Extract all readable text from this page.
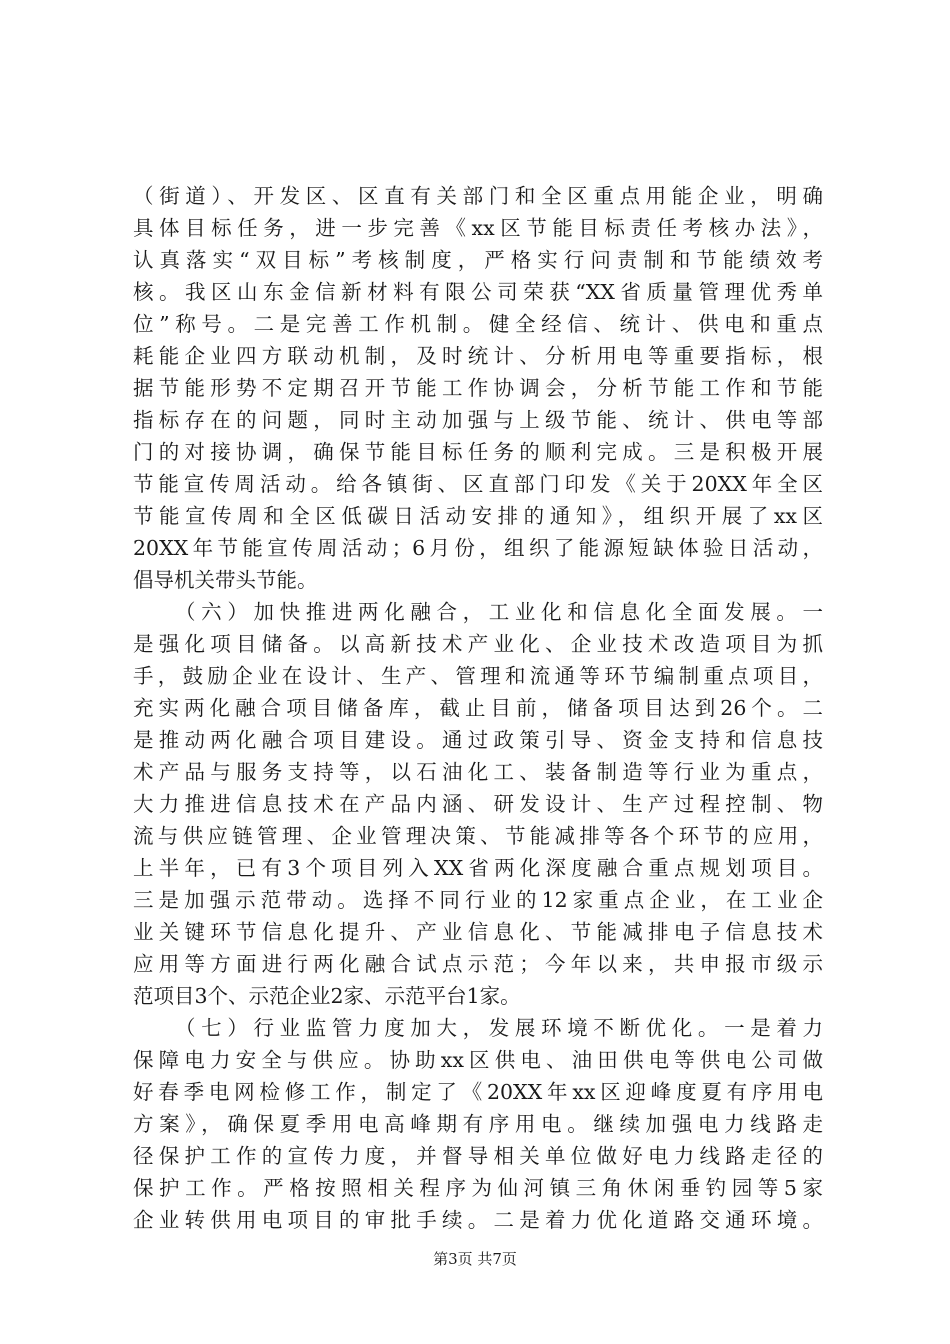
（街道）、开发区、区直有关部门和全区重点用能企业，明确
具体目标任务，进一步完善《xx区节能目标责任考核办法》，
认真落实“双目标”考核制度，严格实行问责制和节能绩效考
核。我区山东金信新材料有限公司荣获“XX省质量管理优秀单
位”称号。二是完善工作机制。健全经信、统计、供电和重点
耗能企业四方联动机制，及时统计、分析用电等重要指标，根
据节能形势不定期召开节能工作协调会，分析节能工作和节能
指标存在的问题，同时主动加强与上级节能、统计、供电等部
门的对接协调，确保节能目标任务的顺利完成。三是积极开展
节能宣传周活动。给各镇街、区直部门印发《关于20XX年全区
节能宣传周和全区低碳日活动安排的通知》，组织开展了xx区
20XX年节能宣传周活动；6月份，组织了能源短缺体验日活动，
倡导机关带头节能。
　　（六）加快推进两化融合，工业化和信息化全面发展。一
是强化项目储备。以高新技术产业化、企业技术改造项目为抓
手，鼓励企业在设计、生产、管理和流通等环节编制重点项目，
充实两化融合项目储备库，截止目前，储备项目达到26个。二
是推动两化融合项目建设。通过政策引导、资金支持和信息技
术产品与服务支持等，以石油化工、装备制造等行业为重点，
大力推进信息技术在产品内涵、研发设计、生产过程控制、物
流与供应链管理、企业管理决策、节能减排等各个环节的应用，
上半年，已有3个项目列入XX省两化深度融合重点规划项目。
三是加强示范带动。选择不同行业的12家重点企业，在工业企
业关键环节信息化提升、产业信息化、节能减排电子信息技术
应用等方面进行两化融合试点示范；今年以来，共申报市级示
范项目3个、示范企业2家、示范平台1家。
　　（七）行业监管力度加大，发展环境不断优化。一是着力
保障电力安全与供应。协助xx区供电、油田供电等供电公司做
好春季电网检修工作，制定了《20XX年xx区迎峰度夏有序用电
方案》，确保夏季用电高峰期有序用电。继续加强电力线路走
径保护工作的宣传力度，并督导相关单位做好电力线路走径的
保护工作。严格按照相关程序为仙河镇三角休闲垂钓园等5家
企业转供用电项目的审批手续。二是着力优化道路交通环境。
第3页 共7页
